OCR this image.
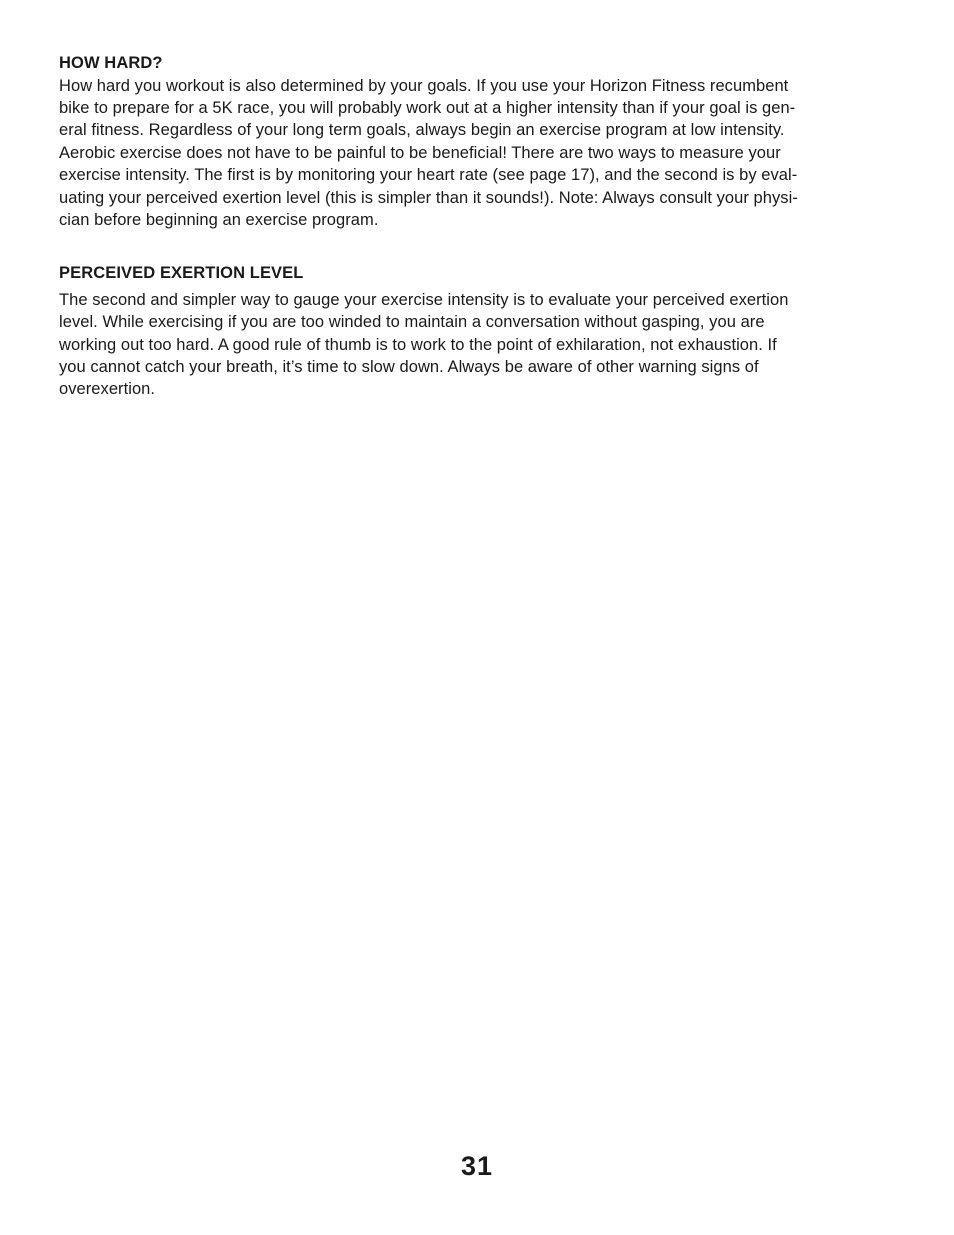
HOW HARD?

How hard you workout is also determined by your goals. If you use your Horizon Fitness recumbent
bike to prepare for a 5K race, you will probably work out at a higher intensity than if your goal is gen-
eral fitness. Regardless of your long term goals, always begin an exercise program at low intensity.
Aerobic exercise does not have to be painful to be beneficial! There are two ways to measure your
exercise intensity. The first is by monitoring your heart rate (see page 17), and the second is by eval-
uating your perceived exertion level (this is simpler than it sounds!). Note: Always consult your physi-
cian before beginning an exercise program.

PERCEIVED EXERTION LEVEL

The second and simpler way to gauge your exercise intensity is to evaluate your perceived exertion
level. While exercising if you are too winded to maintain a conversation without gasping, you are
working out too hard. A good rule of thumb is to work to the point of exhilaration, not exhaustion. If
you cannot catch your breath, it’s time to slow down. Always be aware of other warning signs of
overexertion.

31
